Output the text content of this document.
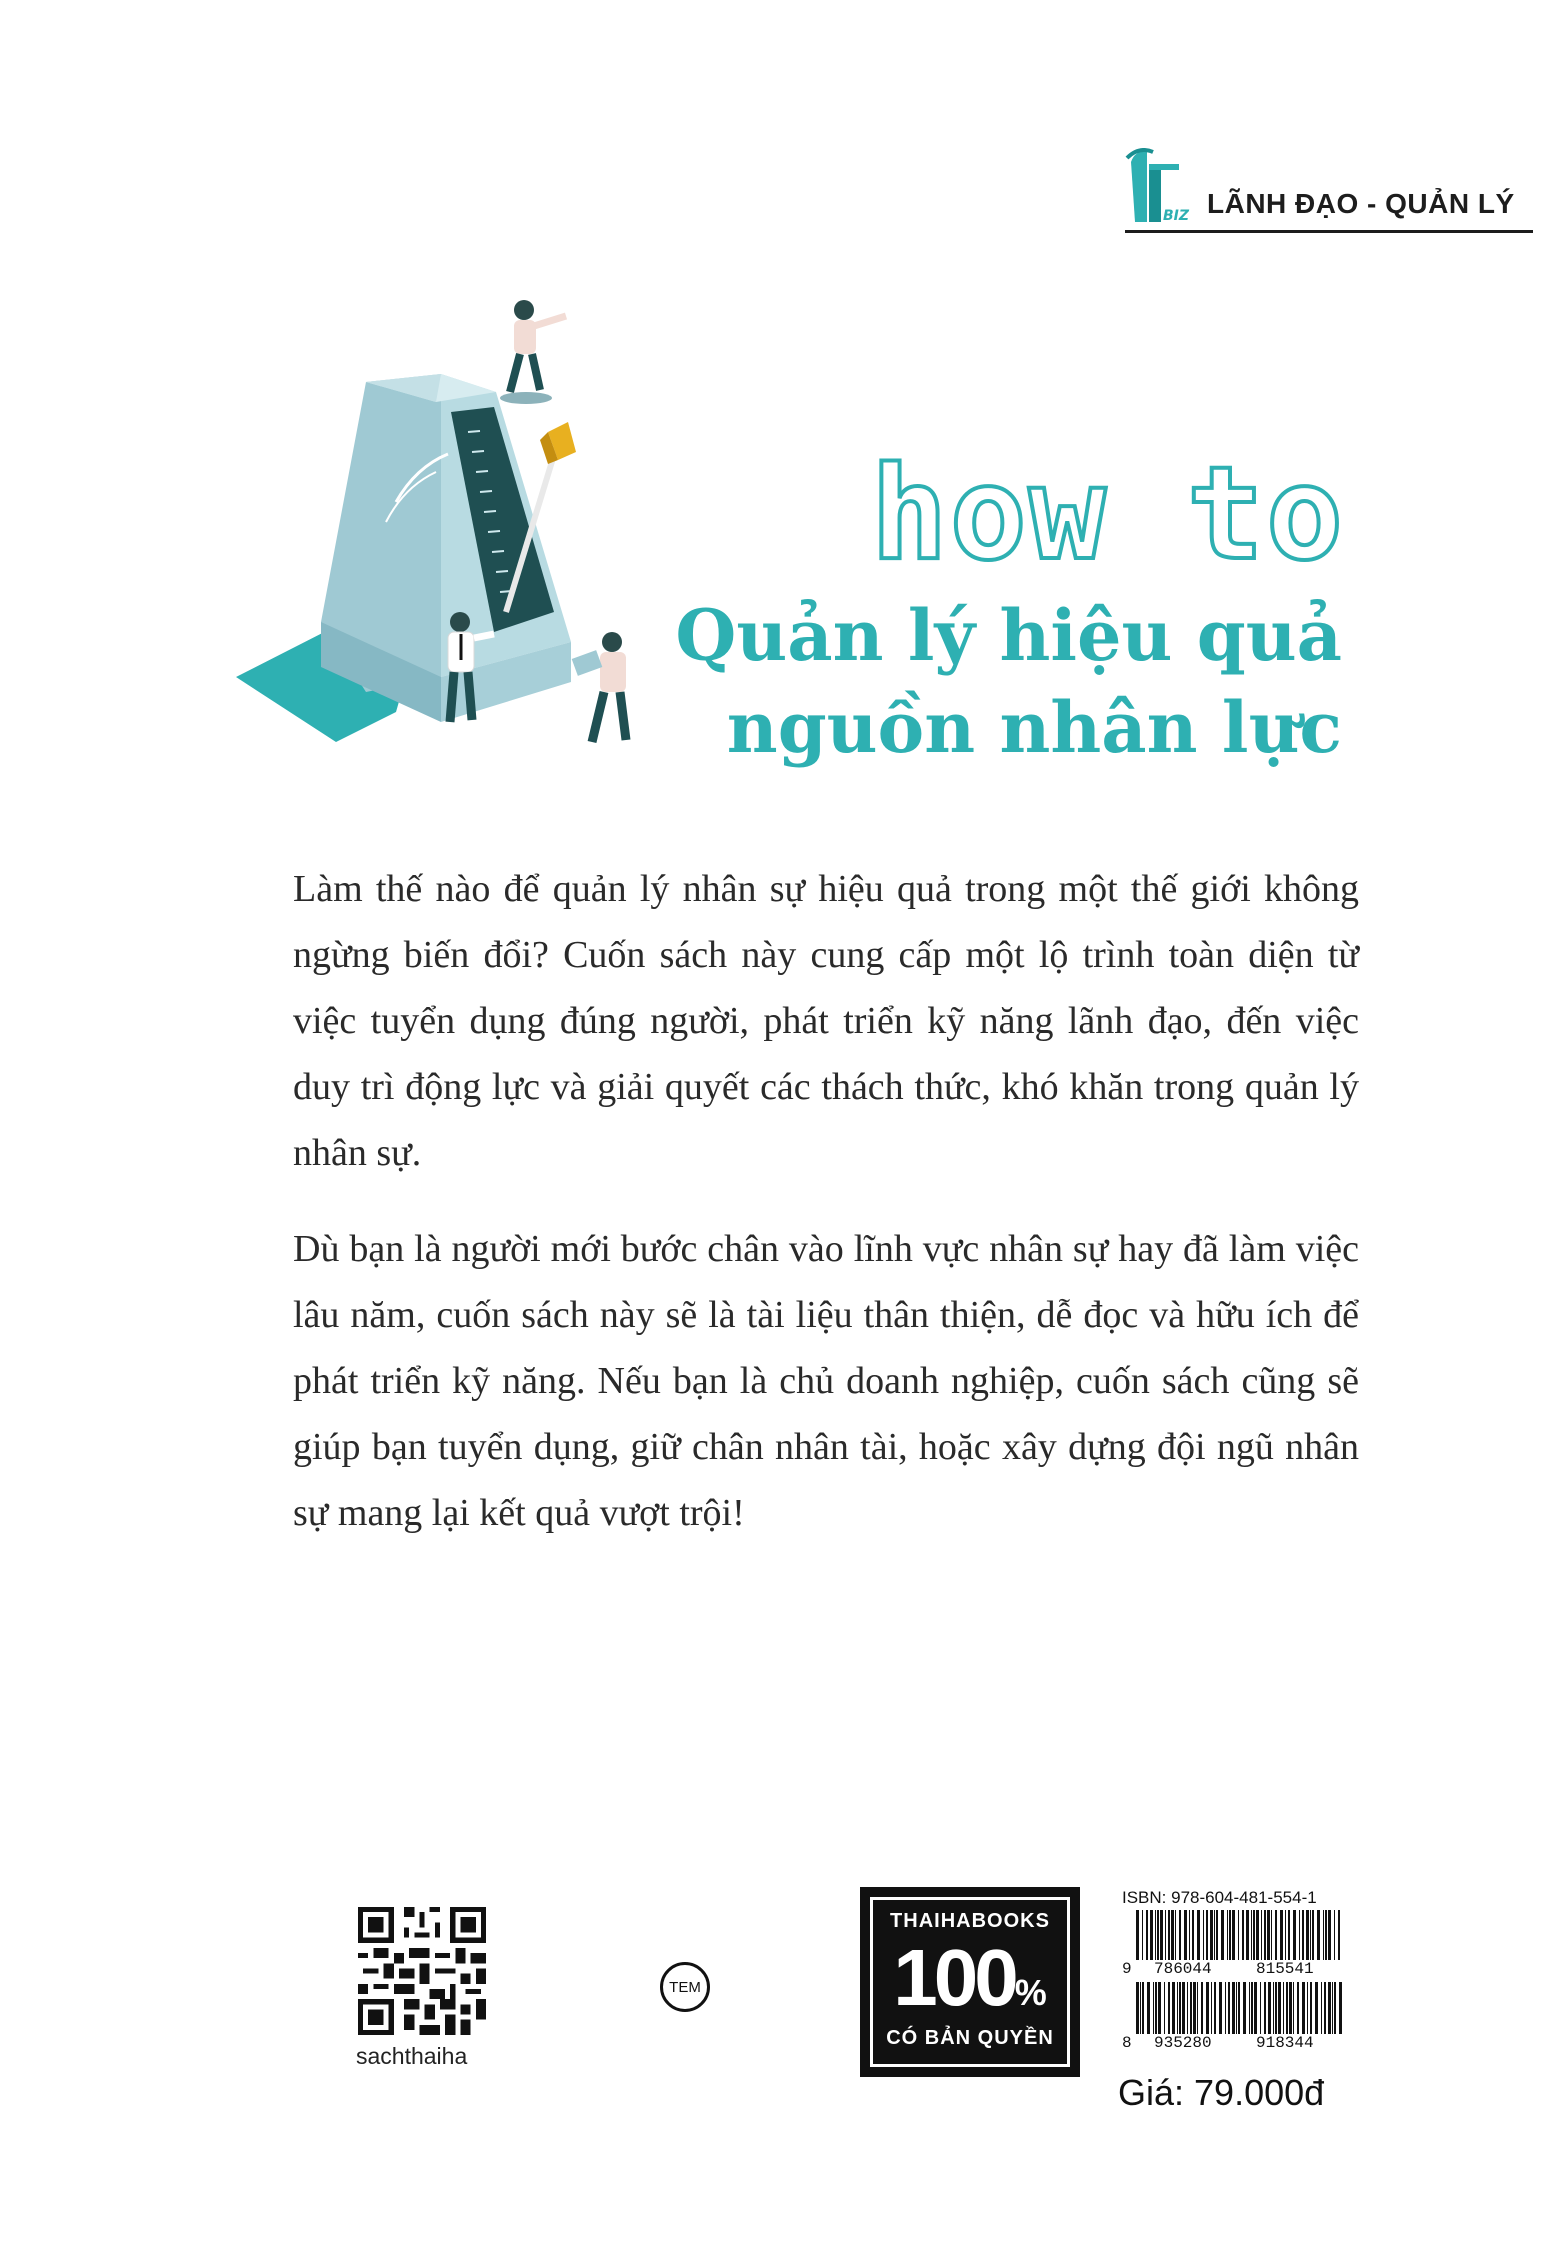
BIZ LÃNH ĐẠO - QUẢN LÝ
how to
Quản lý hiệu quả
nguồn nhân lực

Làm thế nào để quản lý nhân sự hiệu quả trong một thế giới không ngừng biến đổi? Cuốn sách này cung cấp một lộ trình toàn diện từ việc tuyển dụng đúng người, phát triển kỹ năng lãnh đạo, đến việc duy trì động lực và giải quyết các thách thức, khó khăn trong quản lý nhân sự.

Dù bạn là người mới bước chân vào lĩnh vực nhân sự hay đã làm việc lâu năm, cuốn sách này sẽ là tài liệu thân thiện, dễ đọc và hữu ích để phát triển kỹ năng. Nếu bạn là chủ doanh nghiệp, cuốn sách cũng sẽ giúp bạn tuyển dụng, giữ chân nhân tài, hoặc xây dựng đội ngũ nhân sự mang lại kết quả vượt trội!

sachthaiha
TEM
THAIHABOOKS
100%
CÓ BẢN QUYỀN
ISBN: 978-604-481-554-1
9 786044	815541
8 935280	918344
Giá: 79.000đ
